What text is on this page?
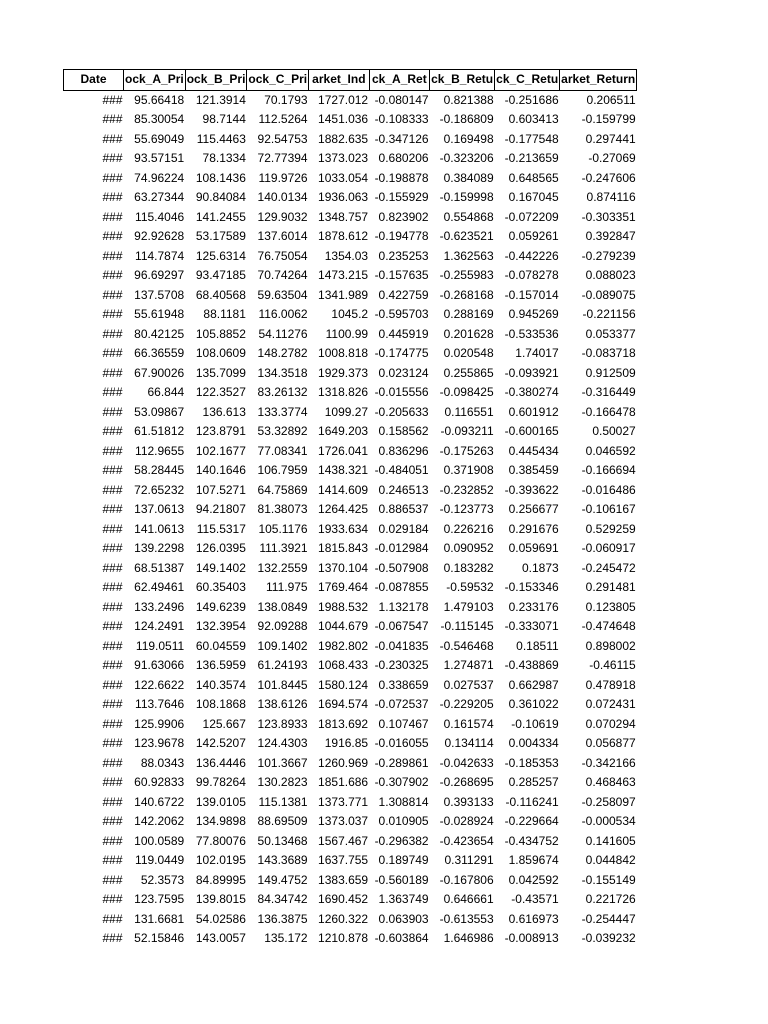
Date	ock_A_Pri	ock_B_Pri	ock_C_Pri	arket_Ind	ck_A_Ret	ck_B_Retu	ck_C_Retu	arket_Return
###	95.66418	121.3914	70.1793	1727.012	-0.080147	0.821388	-0.251686	0.206511
###	85.30054	98.7144	112.5264	1451.036	-0.108333	-0.186809	0.603413	-0.159799
###	55.69049	115.4463	92.54753	1882.635	-0.347126	0.169498	-0.177548	0.297441
###	93.57151	78.1334	72.77394	1373.023	0.680206	-0.323206	-0.213659	-0.27069
###	74.96224	108.1436	119.9726	1033.054	-0.198878	0.384089	0.648565	-0.247606
###	63.27344	90.84084	140.0134	1936.063	-0.155929	-0.159998	0.167045	0.874116
###	115.4046	141.2455	129.9032	1348.757	0.823902	0.554868	-0.072209	-0.303351
###	92.92628	53.17589	137.6014	1878.612	-0.194778	-0.623521	0.059261	0.392847
###	114.7874	125.6314	76.75054	1354.03	0.235253	1.362563	-0.442226	-0.279239
###	96.69297	93.47185	70.74264	1473.215	-0.157635	-0.255983	-0.078278	0.088023
###	137.5708	68.40568	59.63504	1341.989	0.422759	-0.268168	-0.157014	-0.089075
###	55.61948	88.1181	116.0062	1045.2	-0.595703	0.288169	0.945269	-0.221156
###	80.42125	105.8852	54.11276	1100.99	0.445919	0.201628	-0.533536	0.053377
###	66.36559	108.0609	148.2782	1008.818	-0.174775	0.020548	1.74017	-0.083718
###	67.90026	135.7099	134.3518	1929.373	0.023124	0.255865	-0.093921	0.912509
###	66.844	122.3527	83.26132	1318.826	-0.015556	-0.098425	-0.380274	-0.316449
###	53.09867	136.613	133.3774	1099.27	-0.205633	0.116551	0.601912	-0.166478
###	61.51812	123.8791	53.32892	1649.203	0.158562	-0.093211	-0.600165	0.50027
###	112.9655	102.1677	77.08341	1726.041	0.836296	-0.175263	0.445434	0.046592
###	58.28445	140.1646	106.7959	1438.321	-0.484051	0.371908	0.385459	-0.166694
###	72.65232	107.5271	64.75869	1414.609	0.246513	-0.232852	-0.393622	-0.016486
###	137.0613	94.21807	81.38073	1264.425	0.886537	-0.123773	0.256677	-0.106167
###	141.0613	115.5317	105.1176	1933.634	0.029184	0.226216	0.291676	0.529259
###	139.2298	126.0395	111.3921	1815.843	-0.012984	0.090952	0.059691	-0.060917
###	68.51387	149.1402	132.2559	1370.104	-0.507908	0.183282	0.1873	-0.245472
###	62.49461	60.35403	111.975	1769.464	-0.087855	-0.59532	-0.153346	0.291481
###	133.2496	149.6239	138.0849	1988.532	1.132178	1.479103	0.233176	0.123805
###	124.2491	132.3954	92.09288	1044.679	-0.067547	-0.115145	-0.333071	-0.474648
###	119.0511	60.04559	109.1402	1982.802	-0.041835	-0.546468	0.18511	0.898002
###	91.63066	136.5959	61.24193	1068.433	-0.230325	1.274871	-0.438869	-0.46115
###	122.6622	140.3574	101.8445	1580.124	0.338659	0.027537	0.662987	0.478918
###	113.7646	108.1868	138.6126	1694.574	-0.072537	-0.229205	0.361022	0.072431
###	125.9906	125.667	123.8933	1813.692	0.107467	0.161574	-0.10619	0.070294
###	123.9678	142.5207	124.4303	1916.85	-0.016055	0.134114	0.004334	0.056877
###	88.0343	136.4446	101.3667	1260.969	-0.289861	-0.042633	-0.185353	-0.342166
###	60.92833	99.78264	130.2823	1851.686	-0.307902	-0.268695	0.285257	0.468463
###	140.6722	139.0105	115.1381	1373.771	1.308814	0.393133	-0.116241	-0.258097
###	142.2062	134.9898	88.69509	1373.037	0.010905	-0.028924	-0.229664	-0.000534
###	100.0589	77.80076	50.13468	1567.467	-0.296382	-0.423654	-0.434752	0.141605
###	119.0449	102.0195	143.3689	1637.755	0.189749	0.311291	1.859674	0.044842
###	52.3573	84.89995	149.4752	1383.659	-0.560189	-0.167806	0.042592	-0.155149
###	123.7595	139.8015	84.34742	1690.452	1.363749	0.646661	-0.43571	0.221726
###	131.6681	54.02586	136.3875	1260.322	0.063903	-0.613553	0.616973	-0.254447
###	52.15846	143.0057	135.172	1210.878	-0.603864	1.646986	-0.008913	-0.039232
